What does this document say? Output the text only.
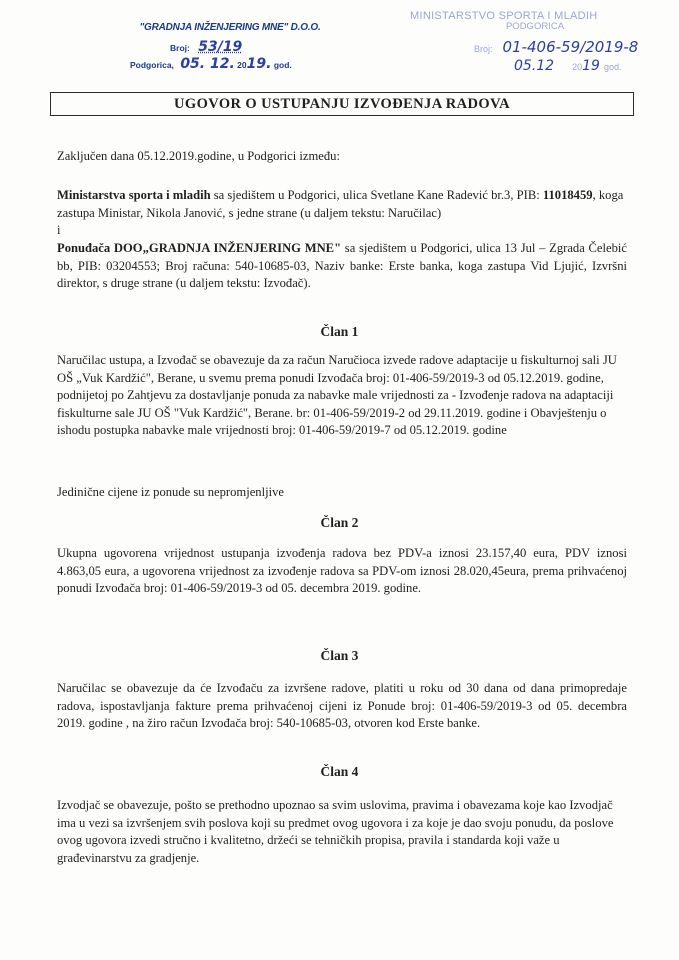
"GRADNJA INŽENJERING MNE" D.O.O.
Broj: 53/19
Podgorica, 05. 12. 2019. god.
MINISTARSTVO SPORTA I MLADIH
PODGORICA
Broj: 01-406-59/2019-8
05.12 2019 god.
UGOVOR O USTUPANJU IZVOĐENJA RADOVA
Zaključen dana 05.12.2019.godine, u Podgorici između:
Ministarstva sporta i mladih sa sjedištem u Podgorici, ulica Svetlane Kane Radević br.3, PIB: 11018459, koga zastupa Ministar, Nikola Janović, s jedne strane (u daljem tekstu: Naručilac)
i
Ponuđača DOO„GRADNJA INŽENJERING MNE" sa sjedištem u Podgorici, ulica 13 Jul – Zgrada Čelebić bb, PIB: 03204553; Broj računa: 540-10685-03, Naziv banke: Erste banka, koga zastupa Vid Ljujić, Izvršni direktor, s druge strane (u daljem tekstu: Izvođač).
Član 1
Naručilac ustupa, a Izvođač se obavezuje da za račun Naručioca izvede radove adaptacije u fiskulturnoj sali JU OŠ „Vuk Kardžić", Berane, u svemu prema ponudi Izvođača broj: 01-406-59/2019-3 od 05.12.2019. godine, podnijetoj po Zahtjevu za dostavljanje ponuda za nabavke male vrijednosti za - Izvođenje radova na adaptaciji fiskulturne sale JU OŠ "Vuk Kardžić", Berane. br: 01-406-59/2019-2 od 29.11.2019. godine i Obavještenju o ishodu postupka nabavke male vrijednosti broj: 01-406-59/2019-7 od 05.12.2019. godine
Jedinične cijene iz ponude su nepromjenljive
Član 2
Ukupna ugovorena vrijednost ustupanja izvođenja radova bez PDV-a iznosi 23.157,40 eura, PDV iznosi 4.863,05 eura, a ugovorena vrijednost za izvođenje radova sa PDV-om iznosi 28.020,45eura, prema prihvaćenoj ponudi Izvođača broj: 01-406-59/2019-3 od 05. decembra 2019. godine.
Član 3
Naručilac se obavezuje da će Izvođaču za izvršene radove, platiti u roku od 30 dana od dana primopredaje radova, ispostavljanja fakture prema prihvaćenoj cijeni iz Ponude broj: 01-406-59/2019-3 od 05. decembra 2019. godine , na žiro račun Izvođača broj: 540-10685-03, otvoren kod Erste banke.
Član 4
Izvodjač se obavezuje, pošto se prethodno upoznao sa svim uslovima, pravima i obavezama koje kao Izvodjač ima u vezi sa izvršenjem svih poslova koji su predmet ovog ugovora i za koje je dao svoju ponudu, da poslove ovog ugovora izvedi stručno i kvalitetno, držeći se tehničkih propisa, pravila i standarda koji važe u građevinarstvu za gradjenje.
